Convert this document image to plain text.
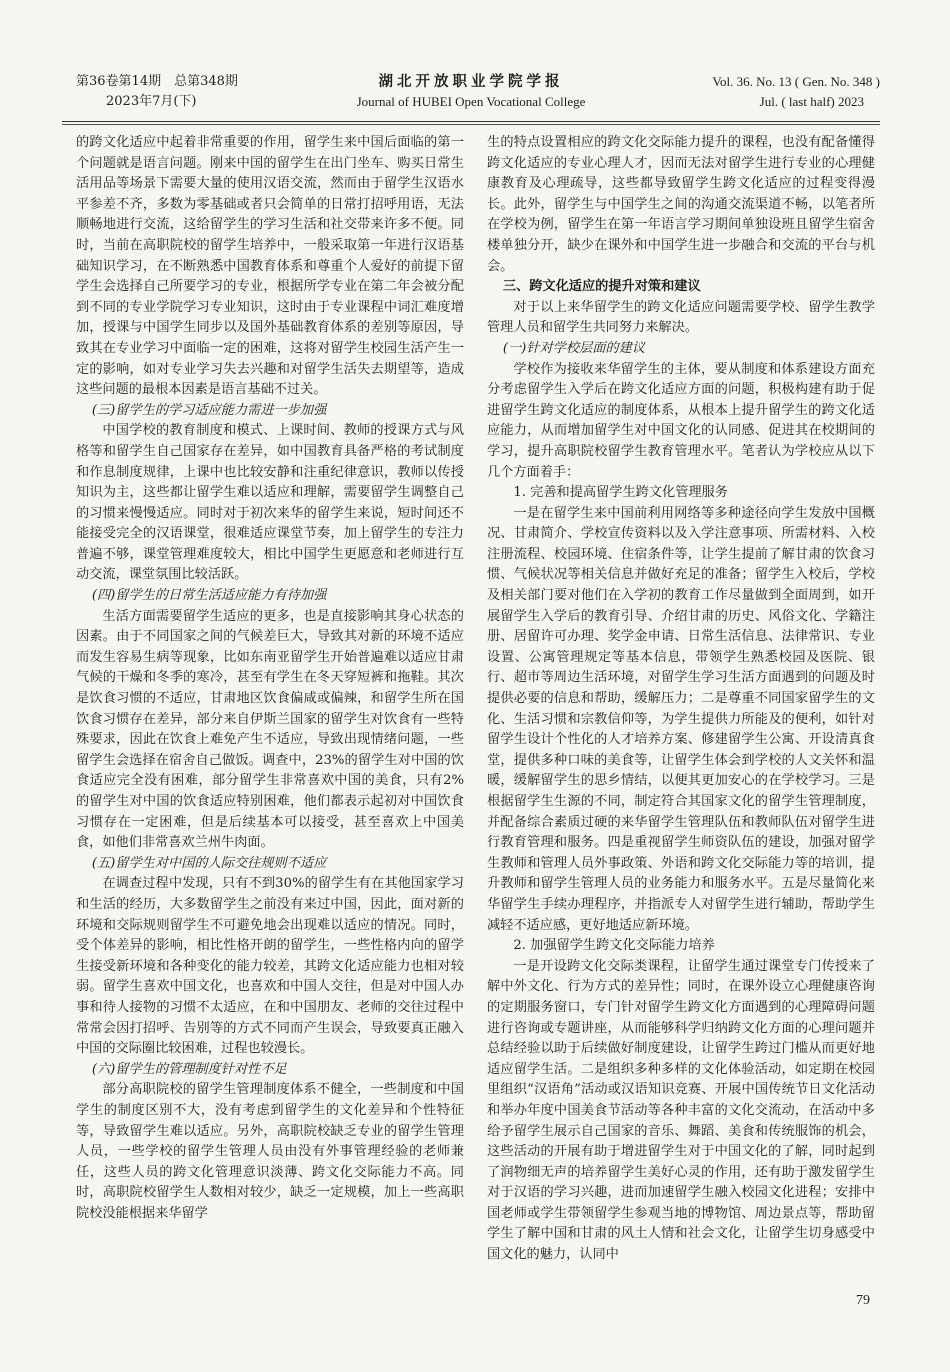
第36卷第14期　总第348期
2023年7月(下)
湖北开放职业学院学报
Journal of HUBEI Open Vocational College
Vol. 36. No. 13 ( Gen. No. 348 )
Jul. ( last half) 2023

的跨文化适应中起着非常重要的作用，留学生来中国后面临的第一个问题就是语言问题。刚来中国的留学生在出门坐车、购买日常生活用品等场景下需要大量的使用汉语交流，然而由于留学生汉语水平参差不齐，多数为零基础或者只会简单的日常打招呼用语，无法顺畅地进行交流，这给留学生的学习生活和社交带来许多不便。同时，当前在高职院校的留学生培养中，一般采取第一年进行汉语基础知识学习，在不断熟悉中国教育体系和尊重个人爱好的前提下留学生会选择自己所要学习的专业，根据所学专业在第二年会被分配到不同的专业学院学习专业知识，这时由于专业课程中词汇难度增加，授课与中国学生同步以及国外基础教育体系的差别等原因，导致其在专业学习中面临一定的困难，这将对留学生校园生活产生一定的影响，如对专业学习失去兴趣和对留学生活失去期望等，造成这些问题的最根本因素是语言基础不过关。

(三)留学生的学习适应能力需进一步加强

中国学校的教育制度和模式、上课时间、教师的授课方式与风格等和留学生自己国家存在差异，如中国教育具备严格的考试制度和作息制度规律，上课中也比较安静和注重纪律意识，教师以传授知识为主，这些都让留学生难以适应和理解，需要留学生调整自己的习惯来慢慢适应。同时对于初次来华的留学生来说，短时间还不能接受完全的汉语课堂，很难适应课堂节奏，加上留学生的专注力普遍不够，课堂管理难度较大，相比中国学生更愿意和老师进行互动交流，课堂氛围比较活跃。

(四)留学生的日常生活适应能力有待加强

生活方面需要留学生适应的更多，也是直接影响其身心状态的因素。由于不同国家之间的气候差巨大，导致其对新的环境不适应而发生容易生病等现象，比如东南亚留学生开始普遍难以适应甘肃气候的干燥和冬季的寒冷，甚至有学生在冬天穿短裤和拖鞋。其次是饮食习惯的不适应，甘肃地区饮食偏咸或偏辣，和留学生所在国饮食习惯存在差异，部分来自伊斯兰国家的留学生对饮食有一些特殊要求，因此在饮食上难免产生不适应，导致出现情绪问题，一些留学生会选择在宿舍自己做饭。调查中，23%的留学生对中国的饮食适应完全没有困难，部分留学生非常喜欢中国的美食，只有2%的留学生对中国的饮食适应特别困难，他们都表示起初对中国饮食习惯存在一定困难，但是后续基本可以接受，甚至喜欢上中国美食，如他们非常喜欢兰州牛肉面。

(五)留学生对中国的人际交往规则不适应

在调查过程中发现，只有不到30%的留学生有在其他国家学习和生活的经历，大多数留学生之前没有来过中国，因此，面对新的环境和交际规则留学生不可避免地会出现难以适应的情况。同时，受个体差异的影响，相比性格开朗的留学生，一些性格内向的留学生接受新环境和各种变化的能力较差，其跨文化适应能力也相对较弱。留学生喜欢中国文化，也喜欢和中国人交往，但是对中国人办事和待人接物的习惯不太适应，在和中国朋友、老师的交往过程中常常会因打招呼、告别等的方式不同而产生误会，导致要真正融入中国的交际圈比较困难，过程也较漫长。

(六)留学生的管理制度针对性不足

部分高职院校的留学生管理制度体系不健全，一些制度和中国学生的制度区别不大，没有考虑到留学生的文化差异和个性特征等，导致留学生难以适应。另外，高职院校缺乏专业的留学生管理人员，一些学校的留学生管理人员由没有外事管理经验的老师兼任，这些人员的跨文化管理意识淡薄、跨文化交际能力不高。同时，高职院校留学生人数相对较少，缺乏一定规模，加上一些高职院校没能根据来华留学

生的特点设置相应的跨文化交际能力提升的课程，也没有配备懂得跨文化适应的专业心理人才，因而无法对留学生进行专业的心理健康教育及心理疏导，这些都导致留学生跨文化适应的过程变得漫长。此外，留学生与中国学生之间的沟通交流渠道不畅，以笔者所在学校为例，留学生在第一年语言学习期间单独设班且留学生宿舍楼单独分开，缺少在课外和中国学生进一步融合和交流的平台与机会。

三、跨文化适应的提升对策和建议

对于以上来华留学生的跨文化适应问题需要学校、留学生教学管理人员和留学生共同努力来解决。

(一)针对学校层面的建议

学校作为接收来华留学生的主体，要从制度和体系建设方面充分考虑留学生入学后在跨文化适应方面的问题，积极构建有助于促进留学生跨文化适应的制度体系，从根本上提升留学生的跨文化适应能力，从而增加留学生对中国文化的认同感、促进其在校期间的学习，提升高职院校留学生教育管理水平。笔者认为学校应从以下几个方面着手：

1. 完善和提高留学生跨文化管理服务

一是在留学生来中国前利用网络等多种途径向学生发放中国概况、甘肃简介、学校宣传资料以及入学注意事项、所需材料、入校注册流程、校园环境、住宿条件等，让学生提前了解甘肃的饮食习惯、气候状况等相关信息并做好充足的准备；留学生入校后，学校及相关部门要对他们在入学初的教育工作尽量做到全面周到，如开展留学生入学后的教育引导、介绍甘肃的历史、风俗文化、学籍注册、居留许可办理、奖学金申请、日常生活信息、法律常识、专业设置、公寓管理规定等基本信息，带领学生熟悉校园及医院、银行、超市等周边生活环境，对留学生学习生活方面遇到的问题及时提供必要的信息和帮助，缓解压力；二是尊重不同国家留学生的文化、生活习惯和宗教信仰等，为学生提供力所能及的便利，如针对留学生设计个性化的人才培养方案、修建留学生公寓、开设清真食堂，提供多种口味的美食等，让留学生体会到学校的人文关怀和温暖，缓解留学生的思乡情结，以便其更加安心的在学校学习。三是根据留学生生源的不同，制定符合其国家文化的留学生管理制度，并配备综合素质过硬的来华留学生管理队伍和教师队伍对留学生进行教育管理和服务。四是重视留学生师资队伍的建设，加强对留学生教师和管理人员外事政策、外语和跨文化交际能力等的培训，提升教师和留学生管理人员的业务能力和服务水平。五是尽量简化来华留学生手续办理程序，并指派专人对留学生进行辅助，帮助学生减轻不适应感，更好地适应新环境。

2. 加强留学生跨文化交际能力培养

一是开设跨文化交际类课程，让留学生通过课堂专门传授来了解中外文化、行为方式的差异性；同时，在课外设立心理健康咨询的定期服务窗口，专门针对留学生跨文化方面遇到的心理障碍问题进行咨询或专题讲座，从而能够科学归纳跨文化方面的心理问题并总结经验以助于后续做好制度建设，让留学生跨过门槛从而更好地适应留学生活。二是组织多种多样的文化体验活动，如定期在校园里组织“汉语角”活动或汉语知识竞赛、开展中国传统节日文化活动和举办年度中国美食节活动等各种丰富的文化交流动，在活动中多给予留学生展示自己国家的音乐、舞蹈、美食和传统服饰的机会，这些活动的开展有助于增进留学生对于中国文化的了解，同时起到了润物细无声的培养留学生美好心灵的作用，还有助于激发留学生对于汉语的学习兴趣，进而加速留学生融入校园文化进程；安排中国老师或学生带领留学生参观当地的博物馆、周边景点等，帮助留学生了解中国和甘肃的风土人情和社会文化，让留学生切身感受中国文化的魅力，认同中

79
